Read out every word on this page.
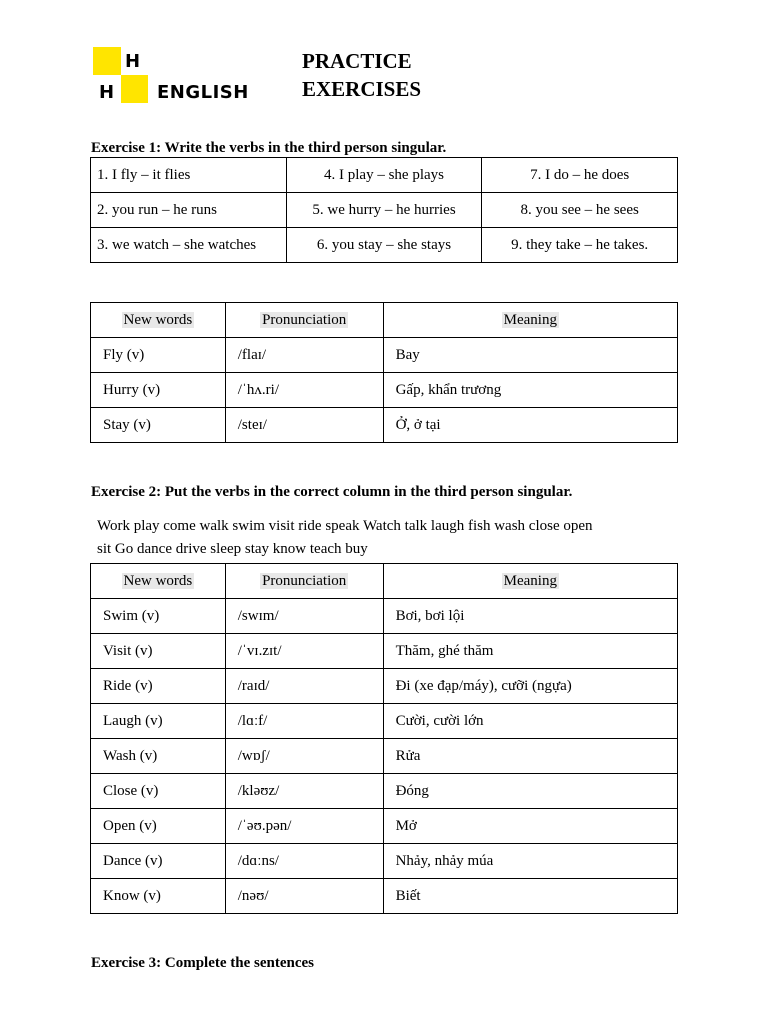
H
H ENGLISH
PRACTICE
EXERCISES
Exercise 1: Write the verbs in the third person singular.
1. I fly – it flies	4. I play – she plays	7. I do – he does
2. you run – he runs	5. we hurry – he hurries	8. you see – he sees
3. we watch – she watches	6. you stay – she stays	9. they take – he takes.
New words	Pronunciation	Meaning
Fly (v)	/flaɪ/	Bay
Hurry (v)	/ˈhʌ.ri/	Gấp, khẩn trương
Stay (v)	/steɪ/	Ở, ở tại
Exercise 2: Put the verbs in the correct column in the third person singular.
Work play come walk swim visit ride speak Watch talk laugh fish wash close open
sit Go dance drive sleep stay know teach buy
New words	Pronunciation	Meaning
Swim (v)	/swɪm/	Bơi, bơi lội
Visit (v)	/ˈvɪ.zɪt/	Thăm, ghé thăm
Ride (v)	/raɪd/	Đi (xe đạp/máy), cưỡi (ngựa)
Laugh (v)	/lɑːf/	Cười, cười lớn
Wash (v)	/wɒʃ/	Rửa
Close (v)	/kləʊz/	Đóng
Open (v)	/ˈəʊ.pən/	Mở
Dance (v)	/dɑːns/	Nhảy, nhảy múa
Know (v)	/nəʊ/	Biết
Exercise 3: Complete the sentences
